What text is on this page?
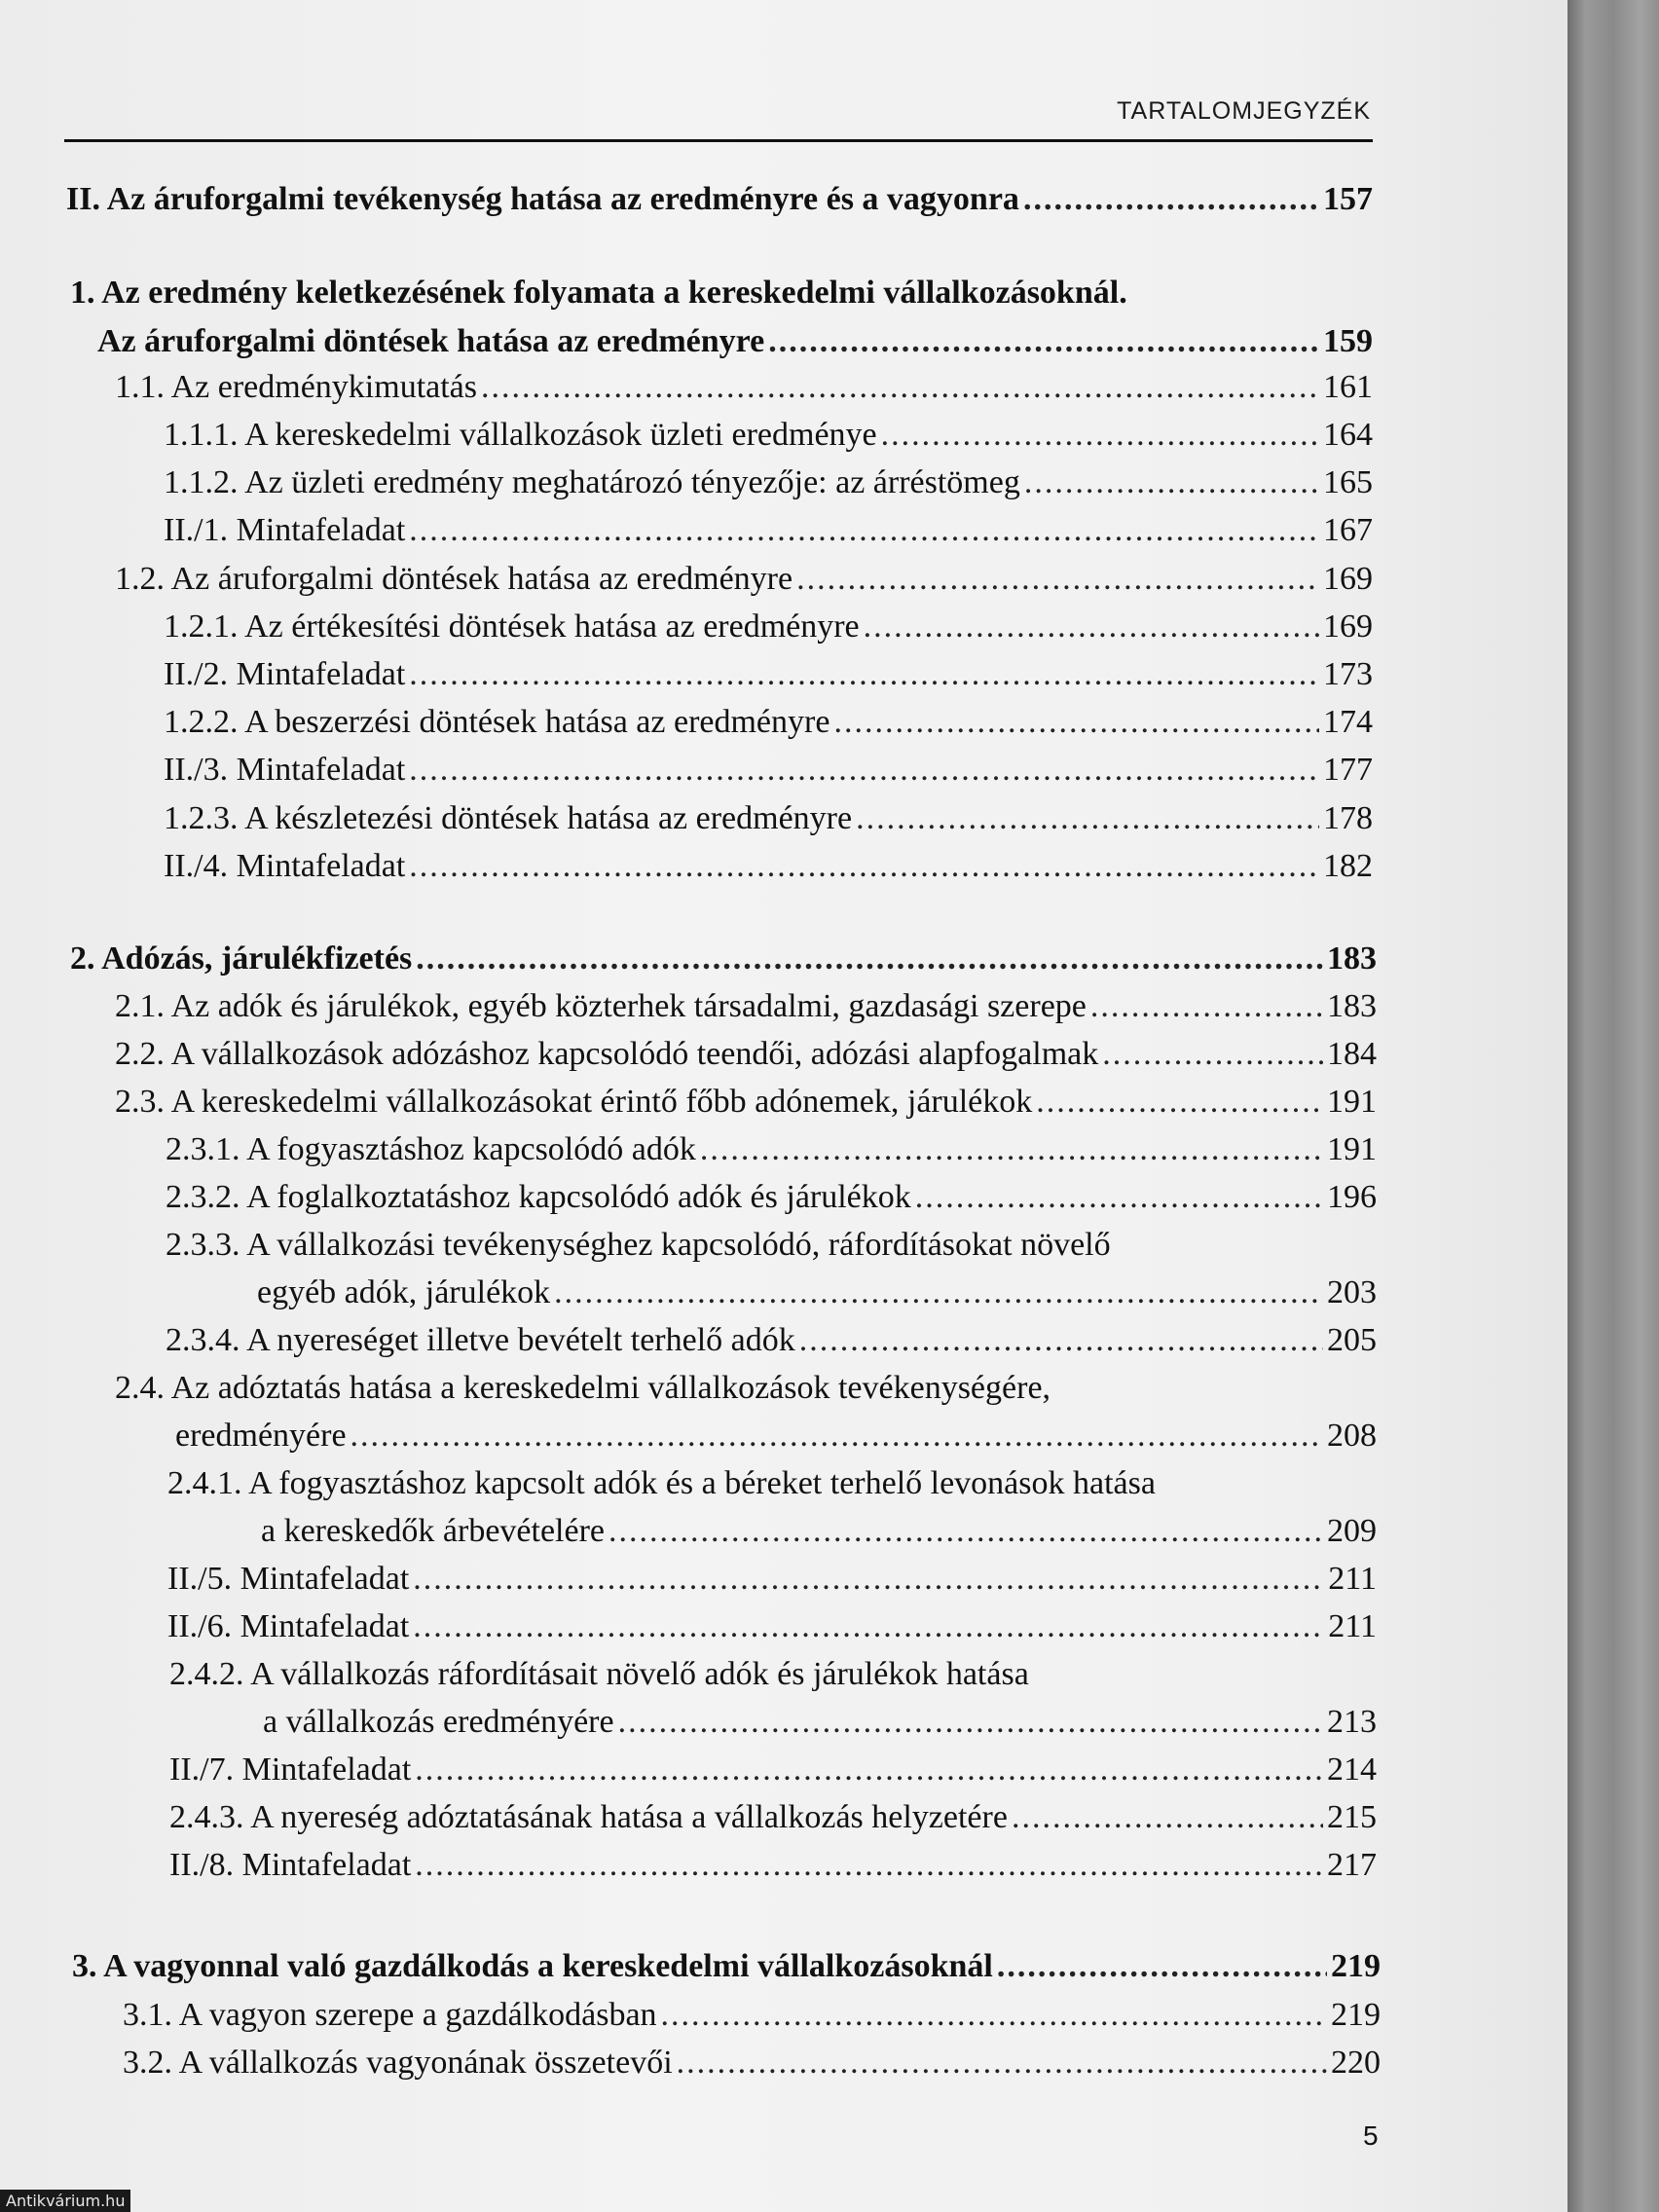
TARTALOMJEGYZÉK
II. Az áruforgalmi tevékenység hatása az eredményre és a vagyonra .....	157
1. Az eredmény keletkezésének folyamata a kereskedelmi vállalkozásoknál.
Az áruforgalmi döntések hatása az eredményre .....	159
1.1. Az eredménykimutatás .....	161
1.1.1. A kereskedelmi vállalkozások üzleti eredménye .....	164
1.1.2. Az üzleti eredmény meghatározó tényezője: az árréstömeg .....	165
II./1. Mintafeladat .....	167
1.2. Az áruforgalmi döntések hatása az eredményre .....	169
1.2.1. Az értékesítési döntések hatása az eredményre .....	169
II./2. Mintafeladat .....	173
1.2.2. A beszerzési döntések hatása az eredményre .....	174
II./3. Mintafeladat .....	177
1.2.3. A készletezési döntések hatása az eredményre .....	178
II./4. Mintafeladat .....	182
2. Adózás, járulékfizetés .....	183
2.1. Az adók és járulékok, egyéb közterhek társadalmi, gazdasági szerepe .....	183
2.2. A vállalkozások adózáshoz kapcsolódó teendői, adózási alapfogalmak .....	184
2.3. A kereskedelmi vállalkozásokat érintő főbb adónemek, járulékok .....	191
2.3.1. A fogyasztáshoz kapcsolódó adók .....	191
2.3.2. A foglalkoztatáshoz kapcsolódó adók és járulékok .....	196
2.3.3. A vállalkozási tevékenységhez kapcsolódó, ráfordításokat növelő
egyéb adók, járulékok .....	203
2.3.4. A nyereséget illetve bevételt terhelő adók .....	205
2.4. Az adóztatás hatása a kereskedelmi vállalkozások tevékenységére,
eredményére .....	208
2.4.1. A fogyasztáshoz kapcsolt adók és a béreket terhelő levonások hatása
a kereskedők árbevételére .....	209
II./5. Mintafeladat .....	211
II./6. Mintafeladat .....	211
2.4.2. A vállalkozás ráfordításait növelő adók és járulékok hatása
a vállalkozás eredményére .....	213
II./7. Mintafeladat .....	214
2.4.3. A nyereség adóztatásának hatása a vállalkozás helyzetére .....	215
II./8. Mintafeladat .....	217
3. A vagyonnal való gazdálkodás a kereskedelmi vállalkozásoknál .....	219
3.1. A vagyon szerepe a gazdálkodásban .....	219
3.2. A vállalkozás vagyonának összetevői .....	220
5
Antikvárium.hu
